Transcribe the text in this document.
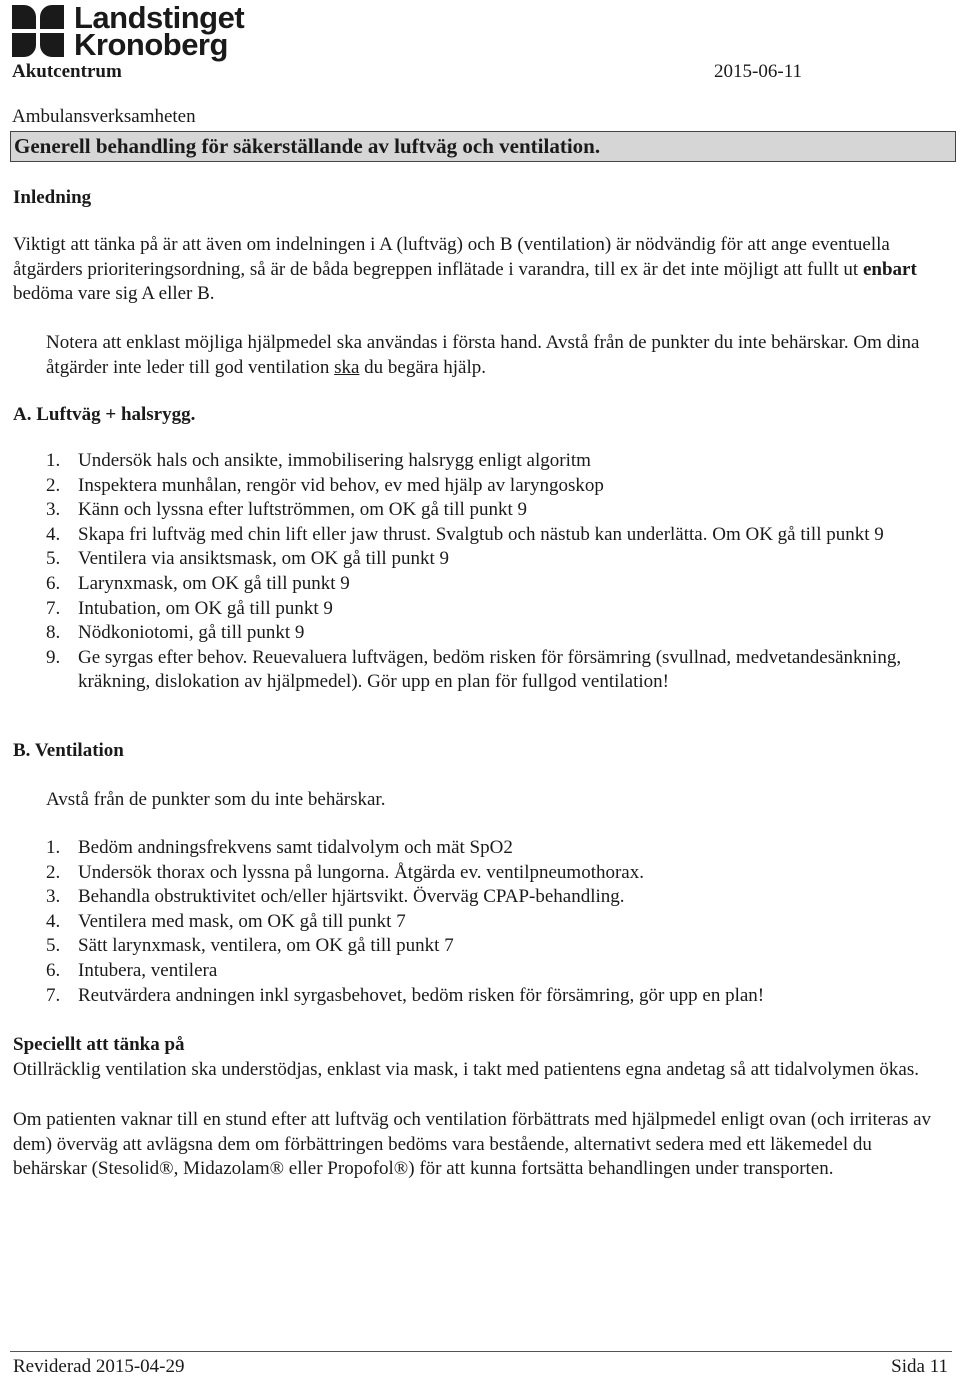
Landstinget
Kronoberg
Akutcentrum	2015-06-11
Ambulansverksamheten
Generell behandling för säkerställande av luftväg och ventilation.
Inledning
Viktigt att tänka på är att även om indelningen i A (luftväg) och B (ventilation) är nödvändig för att ange eventuella åtgärders prioriteringsordning, så är de båda begreppen inflätade i varandra, till ex är det inte möjligt att fullt ut enbart bedöma vare sig A eller B.
Notera att enklast möjliga hjälpmedel ska användas i första hand. Avstå från de punkter du inte behärskar. Om dina åtgärder inte leder till god ventilation ska du begära hjälp.
A. Luftväg + halsrygg.
1. Undersök hals och ansikte, immobilisering halsrygg enligt algoritm
2. Inspektera munhålan, rengör vid behov, ev med hjälp av laryngoskop
3. Känn och lyssna efter luftströmmen, om OK gå till punkt 9
4. Skapa fri luftväg med chin lift eller jaw thrust. Svalgtub och nästub kan underlätta. Om OK gå till punkt 9
5. Ventilera via ansiktsmask, om OK gå till punkt 9
6. Larynxmask, om OK gå till punkt 9
7. Intubation, om OK gå till punkt 9
8. Nödkoniotomi, gå till punkt 9
9. Ge syrgas efter behov. Reuevaluera luftvägen, bedöm risken för försämring (svullnad, medvetandesänkning, kräkning, dislokation av hjälpmedel). Gör upp en plan för fullgod ventilation!
B. Ventilation
Avstå från de punkter som du inte behärskar.
1. Bedöm andningsfrekvens samt tidalvolym och mät SpO2
2. Undersök thorax och lyssna på lungorna. Åtgärda ev. ventilpneumothorax.
3. Behandla obstruktivitet och/eller hjärtsvikt. Överväg CPAP-behandling.
4. Ventilera med mask, om OK gå till punkt 7
5. Sätt larynxmask, ventilera, om OK gå till punkt 7
6. Intubera, ventilera
7. Reutvärdera andningen inkl syrgasbehovet, bedöm risken för försämring, gör upp en plan!
Speciellt att tänka på
Otillräcklig ventilation ska understödjas, enklast via mask, i takt med patientens egna andetag så att tidalvolymen ökas.
Om patienten vaknar till en stund efter att luftväg och ventilation förbättrats med hjälpmedel enligt ovan (och irriteras av dem) överväg att avlägsna dem om förbättringen bedöms vara bestående, alternativt sedera med ett läkemedel du behärskar (Stesolid®, Midazolam® eller Propofol®) för att kunna fortsätta behandlingen under transporten.
Reviderad 2015-04-29	Sida 11
